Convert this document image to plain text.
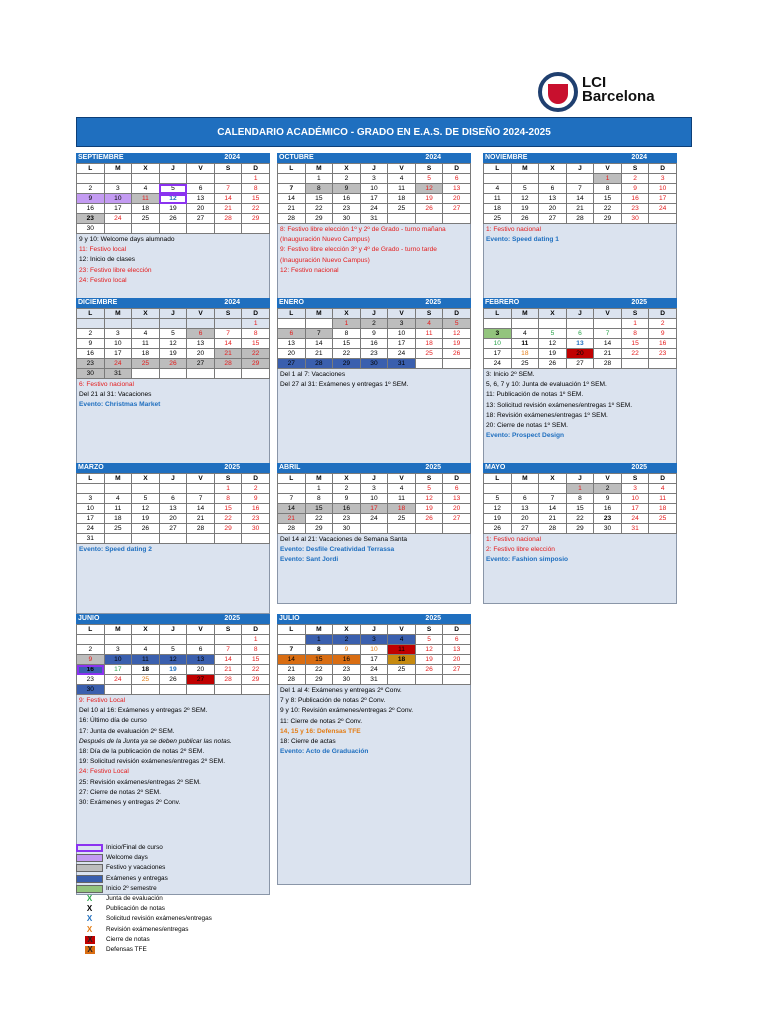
LCI
Barcelona
CALENDARIO ACADÉMICO - GRADO EN E.A.S. DE DISEÑO 2024-2025
SEPTIEMBRE	2024
L	M	X	J	V	S	D
						1
2	3	4	5	6	7	8
9	10	11	12	13	14	15
16	17	18	19	20	21	22
23	24	25	26	27	28	29
30						
9 y 10: Welcome days alumnado
11: Festivo local
12: Inicio de clases
23: Festivo libre elección
24: Festivo local
OCTUBRE	2024
L	M	X	J	V	S	D
	1	2	3	4	5	6
7	8	9	10	11	12	13
14	15	16	17	18	19	20
21	22	23	24	25	26	27
28	29	30	31			
8: Festivo libre elección 1º y 2º de Grado - turno mañana
(Inauguración Nuevo Campus)
9: Festivo libre elección 3º y 4º de Grado - turno tarde
(Inauguración Nuevo Campus)
12: Festivo nacional
NOVIEMBRE	2024
L	M	X	J	V	S	D
				1	2	3
4	5	6	7	8	9	10
11	12	13	14	15	16	17
18	19	20	21	22	23	24
25	26	27	28	29	30	
1: Festivo nacional
Evento: Speed dating 1
DICIEMBRE	2024
L	M	X	J	V	S	D
						1
2	3	4	5	6	7	8
9	10	11	12	13	14	15
16	17	18	19	20	21	22
23	24	25	26	27	28	29
30	31					
6: Festivo nacional
Del 21 al 31: Vacaciones
Evento: Christmas Market
ENERO	2025
L	M	X	J	V	S	D
		1	2	3	4	5
6	7	8	9	10	11	12
13	14	15	16	17	18	19
20	21	22	23	24	25	26
27	28	29	30	31		
Del 1 al 7: Vacaciones
Del 27 al 31: Exámenes y entregas 1º SEM.
FEBRERO	2025
L	M	X	J	V	S	D
					1	2
3	4	5	6	7	8	9
10	11	12	13	14	15	16
17	18	19	20	21	22	23
24	25	26	27	28		
3: Inicio 2º SEM.
5, 6, 7 y 10: Junta de evaluación 1º SEM.
11: Publicación de notas 1º SEM.
13: Solicitud revisión exámenes/entregas 1º SEM.
18: Revisión exámenes/entregas 1º SEM.
20: Cierre de notas 1º SEM.
Evento: Prospect Design
MARZO	2025
L	M	X	J	V	S	D
					1	2
3	4	5	6	7	8	9
10	11	12	13	14	15	16
17	18	19	20	21	22	23
24	25	26	27	28	29	30
31						
Evento: Speed dating 2
ABRIL	2025
L	M	X	J	V	S	D
	1	2	3	4	5	6
7	8	9	10	11	12	13
14	15	16	17	18	19	20
21	22	23	24	25	26	27
28	29	30				
Del 14 al 21: Vacaciones de Semana Santa
Evento: Desfile Creatividad Terrassa
Evento: Sant Jordi
MAYO	2025
L	M	X	J	V	S	D
			1	2	3	4
5	6	7	8	9	10	11
12	13	14	15	16	17	18
19	20	21	22	23	24	25
26	27	28	29	30	31	
1: Festivo nacional
2: Festivo libre elección
Evento: Fashion simposio
JUNIO	2025
L	M	X	J	V	S	D
						1
2	3	4	5	6	7	8
9	10	11	12	13	14	15
16	17	18	19	20	21	22
23	24	25	26	27	28	29
30						
9: Festivo Local
Del 10 al 16: Exámenes y entregas 2º SEM.
16: Último día de curso
17: Junta de evaluación 2º SEM.
Después de la Junta ya se deben publicar las notas.
18: Día de la publicación de notas 2º SEM.
19: Solicitud revisión exámenes/entregas 2º SEM.
24: Festivo Local
25: Revisión exámenes/entregas 2º SEM.
27: Cierre de notas 2º SEM.
30: Exámenes y entregas 2º Conv.
JULIO	2025
L	M	X	J	V	S	D
	1	2	3	4	5	6
7	8	9	10	11	12	13
14	15	16	17	18	19	20
21	22	23	24	25	26	27
28	29	30	31			
Del 1 al 4: Exámenes y entregas 2º Conv.
7 y 8: Publicación de notas 2º Conv.
9 y 10: Revisión exámenes/entregas 2º Conv.
11: Cierre de notas 2º Conv.
14, 15 y 16: Defensas TFE
18: Cierre de actas
Evento: Acto de Graduación
Inicio/Final de curso
Welcome days
Festivo y vacaciones
Exámenes y entregas
Inicio 2º semestre
X	Junta de evaluación
X	Publicación de notas
X	Solicitud revisión exámenes/entregas
X	Revisión exámenes/entregas
X	Cierre de notas
X	Defensas TFE
